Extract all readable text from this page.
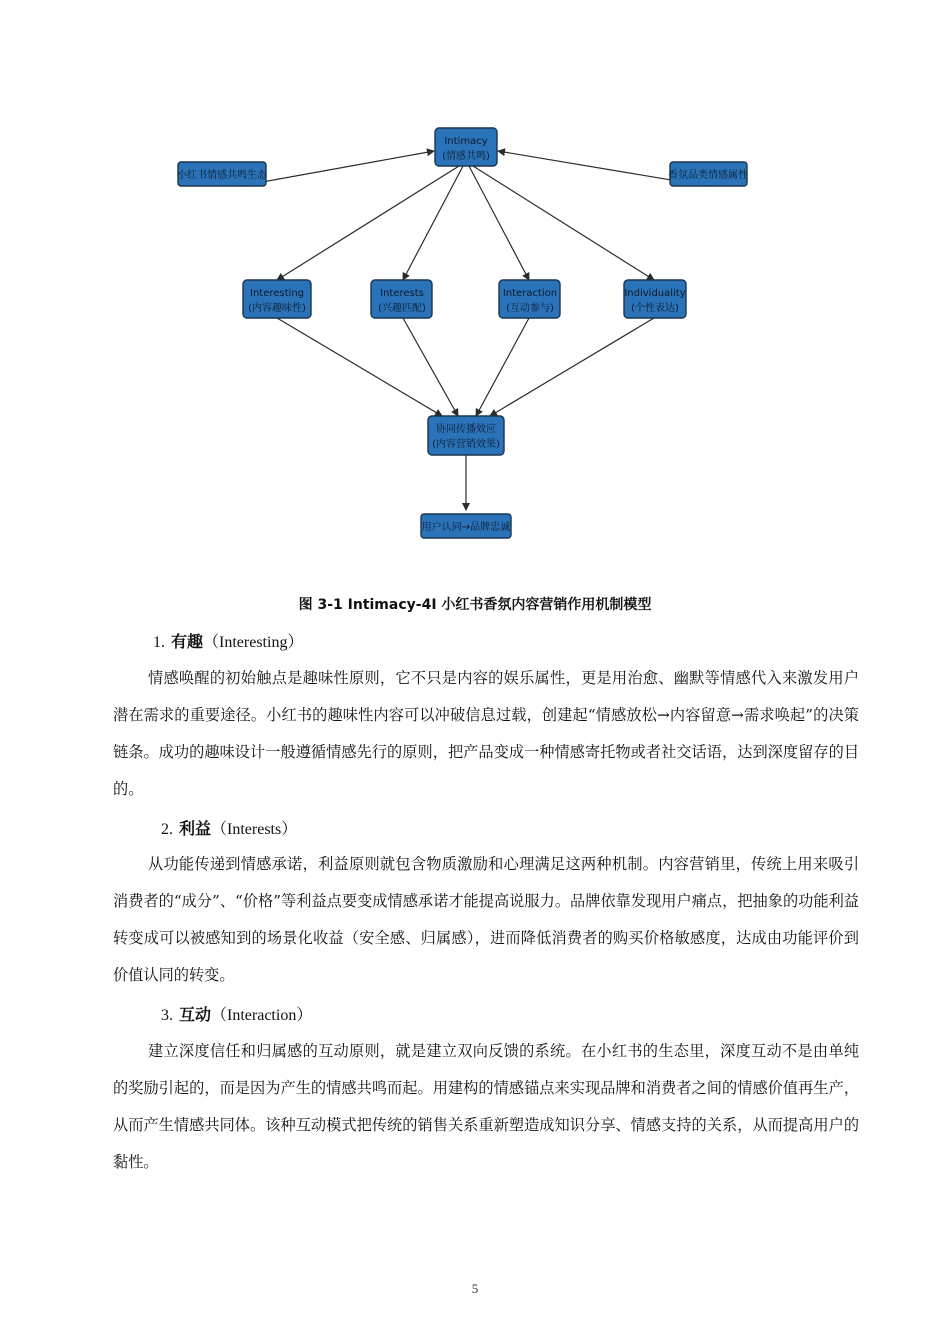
Intimacy
(情感共鸣)
小红书情感共鸣生态	香氛品类情感属性
Interesting
(内容趣味性)
Interests
(兴趣匹配)
Interaction
(互动参与)
Individuality
(个性表达)
协同传播效应
(内容营销效果)
用户认同→品牌忠诚
图 3-1 Intimacy-4I 小红书香氛内容营销作用机制模型
1. 有趣（Interesting）
情感唤醒的初始触点是趣味性原则，它不只是内容的娱乐属性，更是用治愈、幽默等情感代入来激发用户潜在需求的重要途径。小红书的趣味性内容可以冲破信息过载，创建起“情感放松→内容留意→需求唤起”的决策链条。成功的趣味设计一般遵循情感先行的原则，把产品变成一种情感寄托物或者社交话语，达到深度留存的目的。
2. 利益（Interests）
从功能传递到情感承诺，利益原则就包含物质激励和心理满足这两种机制。内容营销里，传统上用来吸引消费者的“成分”、“价格”等利益点要变成情感承诺才能提高说服力。品牌依靠发现用户痛点，把抽象的功能利益转变成可以被感知到的场景化收益（安全感、归属感），进而降低消费者的购买价格敏感度，达成由功能评价到价值认同的转变。
3. 互动（Interaction）
建立深度信任和归属感的互动原则，就是建立双向反馈的系统。在小红书的生态里，深度互动不是由单纯的奖励引起的，而是因为产生的情感共鸣而起。用建构的情感锚点来实现品牌和消费者之间的情感价值再生产，从而产生情感共同体。该种互动模式把传统的销售关系重新塑造成知识分享、情感支持的关系，从而提高用户的黏性。
5
